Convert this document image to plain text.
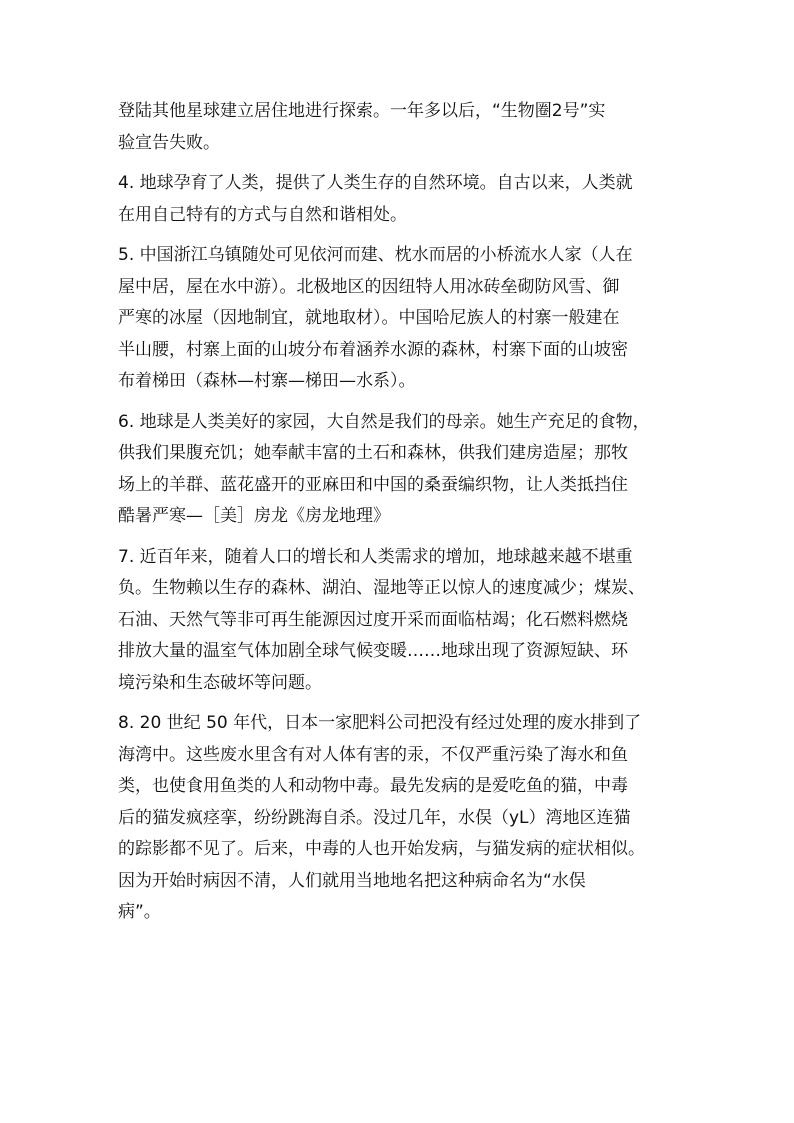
登陆其他星球建立居住地进行探索。一年多以后，“生物圈2号”实
验宣告失败。

4. 地球孕育了人类，提供了人类生存的自然环境。自古以来，人类就
在用自己特有的方式与自然和谐相处。

5. 中国浙江乌镇随处可见依河而建、枕水而居的小桥流水人家（人在
屋中居，屋在水中游）。北极地区的因纽特人用冰砖垒砌防风雪、御
严寒的冰屋（因地制宜，就地取材）。中国哈尼族人的村寨一般建在
半山腰，村寨上面的山坡分布着涵养水源的森林，村寨下面的山坡密
布着梯田（森林—村寨—梯田—水系）。

6. 地球是人类美好的家园，大自然是我们的母亲。她生产充足的食物，
供我们果腹充饥；她奉献丰富的土石和森林，供我们建房造屋；那牧
场上的羊群、蓝花盛开的亚麻田和中国的桑蚕编织物，让人类抵挡住
酷暑严寒—［美］房龙《房龙地理》

7. 近百年来，随着人口的增长和人类需求的增加，地球越来越不堪重
负。生物赖以生存的森林、湖泊、湿地等正以惊人的速度减少；煤炭、
石油、天然气等非可再生能源因过度开采而面临枯竭；化石燃料燃烧
排放大量的温室气体加剧全球气候变暖……地球出现了资源短缺、环
境污染和生态破坏等问题。

8. 20 世纪 50 年代，日本一家肥料公司把没有经过处理的废水排到了
海湾中。这些废水里含有对人体有害的汞，不仅严重污染了海水和鱼
类，也使食用鱼类的人和动物中毒。最先发病的是爱吃鱼的猫，中毒
后的猫发疯痉挛，纷纷跳海自杀。没过几年，水俣（yL）湾地区连猫
的踪影都不见了。后来，中毒的人也开始发病，与猫发病的症状相似。
因为开始时病因不清，人们就用当地地名把这种病命名为“水俣
病”。
